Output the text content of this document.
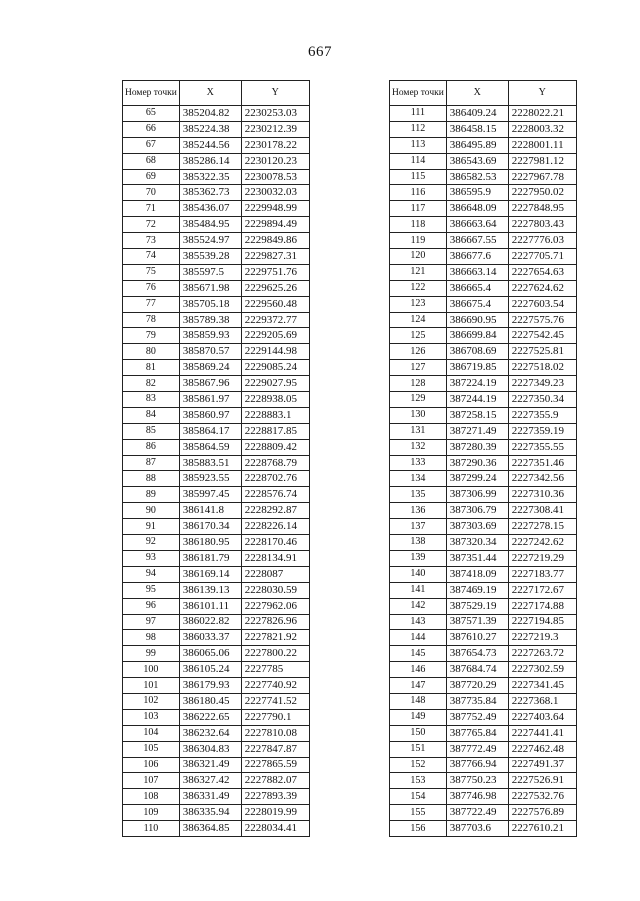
667
Номер точки	X	Y
65	385204.82	2230253.03
66	385224.38	2230212.39
67	385244.56	2230178.22
68	385286.14	2230120.23
69	385322.35	2230078.53
70	385362.73	2230032.03
71	385436.07	2229948.99
72	385484.95	2229894.49
73	385524.97	2229849.86
74	385539.28	2229827.31
75	385597.5	2229751.76
76	385671.98	2229625.26
77	385705.18	2229560.48
78	385789.38	2229372.77
79	385859.93	2229205.69
80	385870.57	2229144.98
81	385869.24	2229085.24
82	385867.96	2229027.95
83	385861.97	2228938.05
84	385860.97	2228883.1
85	385864.17	2228817.85
86	385864.59	2228809.42
87	385883.51	2228768.79
88	385923.55	2228702.76
89	385997.45	2228576.74
90	386141.8	2228292.87
91	386170.34	2228226.14
92	386180.95	2228170.46
93	386181.79	2228134.91
94	386169.14	2228087
95	386139.13	2228030.59
96	386101.11	2227962.06
97	386022.82	2227826.96
98	386033.37	2227821.92
99	386065.06	2227800.22
100	386105.24	2227785
101	386179.93	2227740.92
102	386180.45	2227741.52
103	386222.65	2227790.1
104	386232.64	2227810.08
105	386304.83	2227847.87
106	386321.49	2227865.59
107	386327.42	2227882.07
108	386331.49	2227893.39
109	386335.94	2228019.99
110	386364.85	2228034.41
Номер точки	X	Y
111	386409.24	2228022.21
112	386458.15	2228003.32
113	386495.89	2228001.11
114	386543.69	2227981.12
115	386582.53	2227967.78
116	386595.9	2227950.02
117	386648.09	2227848.95
118	386663.64	2227803.43
119	386667.55	2227776.03
120	386677.6	2227705.71
121	386663.14	2227654.63
122	386665.4	2227624.62
123	386675.4	2227603.54
124	386690.95	2227575.76
125	386699.84	2227542.45
126	386708.69	2227525.81
127	386719.85	2227518.02
128	387224.19	2227349.23
129	387244.19	2227350.34
130	387258.15	2227355.9
131	387271.49	2227359.19
132	387280.39	2227355.55
133	387290.36	2227351.46
134	387299.24	2227342.56
135	387306.99	2227310.36
136	387306.79	2227308.41
137	387303.69	2227278.15
138	387320.34	2227242.62
139	387351.44	2227219.29
140	387418.09	2227183.77
141	387469.19	2227172.67
142	387529.19	2227174.88
143	387571.39	2227194.85
144	387610.27	2227219.3
145	387654.73	2227263.72
146	387684.74	2227302.59
147	387720.29	2227341.45
148	387735.84	2227368.1
149	387752.49	2227403.64
150	387765.84	2227441.41
151	387772.49	2227462.48
152	387766.94	2227491.37
153	387750.23	2227526.91
154	387746.98	2227532.76
155	387722.49	2227576.89
156	387703.6	2227610.21
